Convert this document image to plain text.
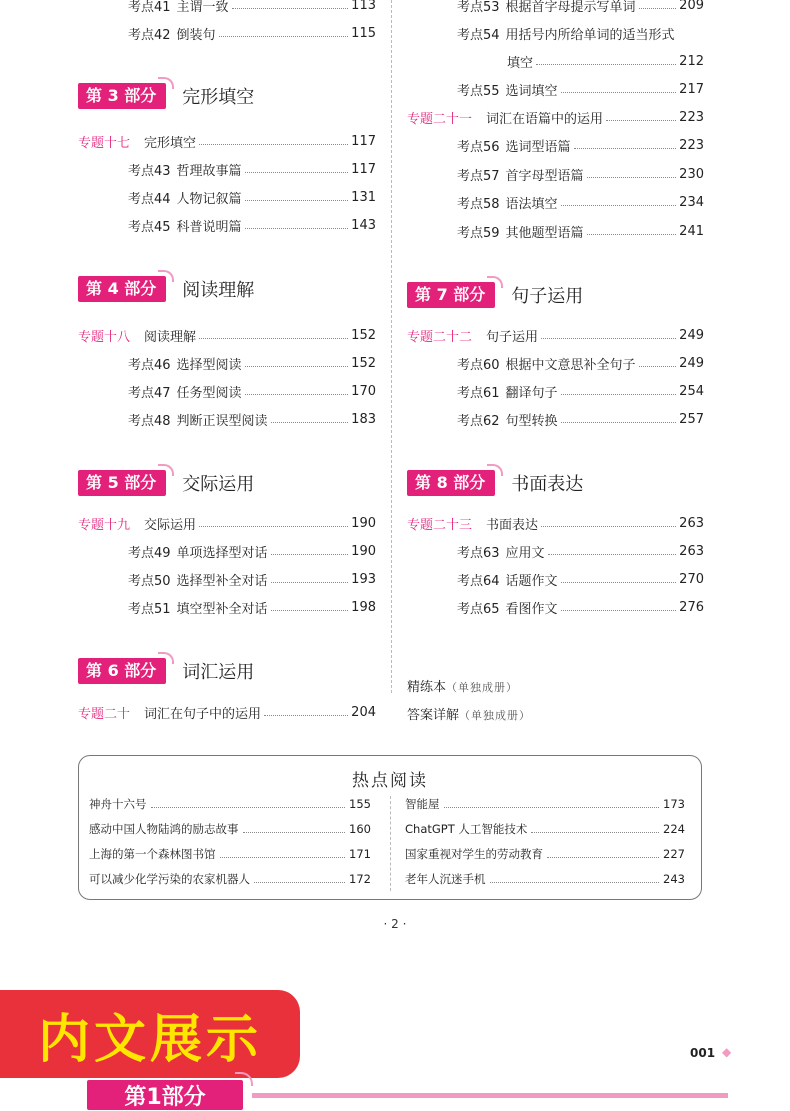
考点41 主谓一致	113
考点42 倒装句	115
第 3 部分	完形填空
专题十七 完形填空	117
考点43 哲理故事篇	117
考点44 人物记叙篇	131
考点45 科普说明篇	143
第 4 部分	阅读理解
专题十八 阅读理解	152
考点46 选择型阅读	152
考点47 任务型阅读	170
考点48 判断正误型阅读	183
第 5 部分	交际运用
专题十九 交际运用	190
考点49 单项选择型对话	190
考点50 选择型补全对话	193
考点51 填空型补全对话	198
第 6 部分	词汇运用
专题二十 词汇在句子中的运用	204
考点53 根据首字母提示写单词	209
考点54 用括号内所给单词的适当形式
填空	212
考点55 选词填空	217
专题二十一 词汇在语篇中的运用	223
考点56 选词型语篇	223
考点57 首字母型语篇	230
考点58 语法填空	234
考点59 其他题型语篇	241
第 7 部分	句子运用
专题二十二 句子运用	249
考点60 根据中文意思补全句子	249
考点61 翻译句子	254
考点62 句型转换	257
第 8 部分	书面表达
专题二十三 书面表达	263
考点63 应用文	263
考点64 话题作文	270
考点65 看图作文	276
精练本（单独成册）
答案详解（单独成册）
热点阅读
神舟十六号	155
感动中国人物陆鸿的励志故事	160
上海的第一个森林图书馆	171
可以减少化学污染的农家机器人	172
智能屋	173
ChatGPT 人工智能技术	224
国家重视对学生的劳动教育	227
老年人沉迷手机	243
· 2 ·
内文展示	001 ◆
第1部分
